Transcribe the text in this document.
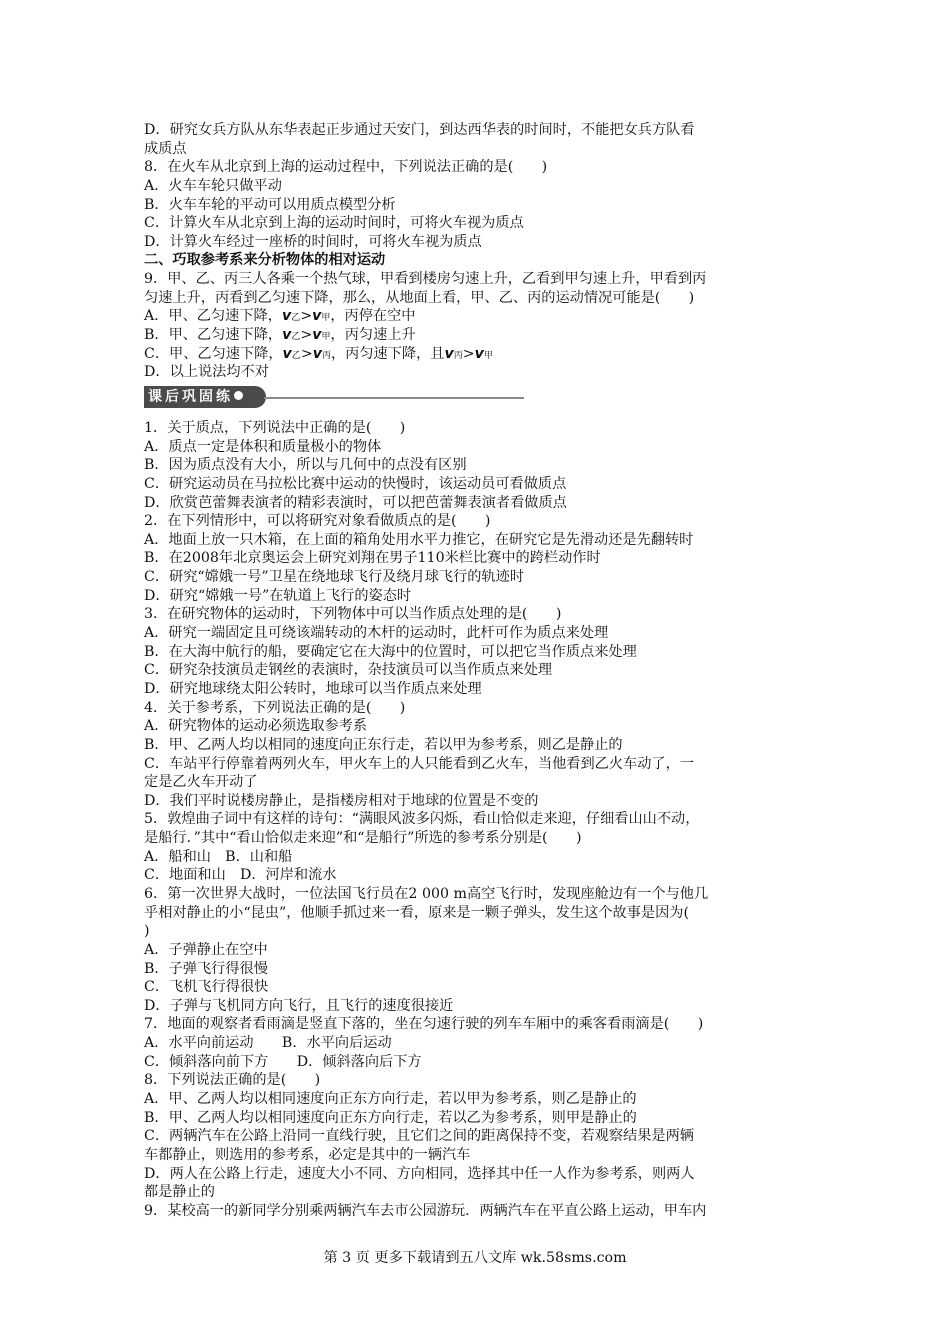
D．研究女兵方队从东华表起正步通过天安门，到达西华表的时间时，不能把女兵方队看
成质点
8．在火车从北京到上海的运动过程中，下列说法正确的是(　　)
A．火车车轮只做平动
B．火车车轮的平动可以用质点模型分析
C．计算火车从北京到上海的运动时间时，可将火车视为质点
D．计算火车经过一座桥的时间时，可将火车视为质点
二、巧取参考系来分析物体的相对运动
9．甲、乙、丙三人各乘一个热气球，甲看到楼房匀速上升，乙看到甲匀速上升，甲看到丙
匀速上升，丙看到乙匀速下降，那么，从地面上看，甲、乙、丙的运动情况可能是(　　)
A．甲、乙匀速下降，v乙>v甲，丙停在空中
B．甲、乙匀速下降，v乙>v甲，丙匀速上升
C．甲、乙匀速下降，v乙>v丙，丙匀速下降，且v丙>v甲
D．以上说法均不对
课后巩固练
1．关于质点，下列说法中正确的是(　　)
A．质点一定是体积和质量极小的物体
B．因为质点没有大小，所以与几何中的点没有区别
C．研究运动员在马拉松比赛中运动的快慢时，该运动员可看做质点
D．欣赏芭蕾舞表演者的精彩表演时，可以把芭蕾舞表演者看做质点
2．在下列情形中，可以将研究对象看做质点的是(　　)
A．地面上放一只木箱，在上面的箱角处用水平力推它，在研究它是先滑动还是先翻转时
B．在2008年北京奥运会上研究刘翔在男子110米栏比赛中的跨栏动作时
C．研究“嫦娥一号”卫星在绕地球飞行及绕月球飞行的轨迹时
D．研究“嫦娥一号”在轨道上飞行的姿态时
3．在研究物体的运动时，下列物体中可以当作质点处理的是(　　)
A．研究一端固定且可绕该端转动的木杆的运动时，此杆可作为质点来处理
B．在大海中航行的船，要确定它在大海中的位置时，可以把它当作质点来处理
C．研究杂技演员走钢丝的表演时，杂技演员可以当作质点来处理
D．研究地球绕太阳公转时，地球可以当作质点来处理
4．关于参考系，下列说法正确的是(　　)
A．研究物体的运动必须选取参考系
B．甲、乙两人均以相同的速度向正东行走，若以甲为参考系，则乙是静止的
C．车站平行停靠着两列火车，甲火车上的人只能看到乙火车，当他看到乙火车动了，一
定是乙火车开动了
D．我们平时说楼房静止，是指楼房相对于地球的位置是不变的
5．敦煌曲子词中有这样的诗句：“满眼风波多闪烁，看山恰似走来迎，仔细看山山不动，
是船行．”其中“看山恰似走来迎”和“是船行”所选的参考系分别是(　　)
A．船和山　B．山和船
C．地面和山　D．河岸和流水
6．第一次世界大战时，一位法国飞行员在2 000 m高空飞行时，发现座舱边有一个与他几
乎相对静止的小“昆虫”，他顺手抓过来一看，原来是一颗子弹头，发生这个故事是因为(
)
A．子弹静止在空中
B．子弹飞行得很慢
C．飞机飞行得很快
D．子弹与飞机同方向飞行，且飞行的速度很接近
7．地面的观察者看雨滴是竖直下落的，坐在匀速行驶的列车车厢中的乘客看雨滴是(　　)
A．水平向前运动　　B．水平向后运动
C．倾斜落向前下方　　D．倾斜落向后下方
8．下列说法正确的是(　　)
A．甲、乙两人均以相同速度向正东方向行走，若以甲为参考系，则乙是静止的
B．甲、乙两人均以相同速度向正东方向行走，若以乙为参考系，则甲是静止的
C．两辆汽车在公路上沿同一直线行驶，且它们之间的距离保持不变，若观察结果是两辆
车都静止，则选用的参考系，必定是其中的一辆汽车
D．两人在公路上行走，速度大小不同、方向相同，选择其中任一人作为参考系，则两人
都是静止的
9．某校高一的新同学分别乘两辆汽车去市公园游玩．两辆汽车在平直公路上运动，甲车内
第 3 页 更多下载请到五八文库 wk.58sms.com
